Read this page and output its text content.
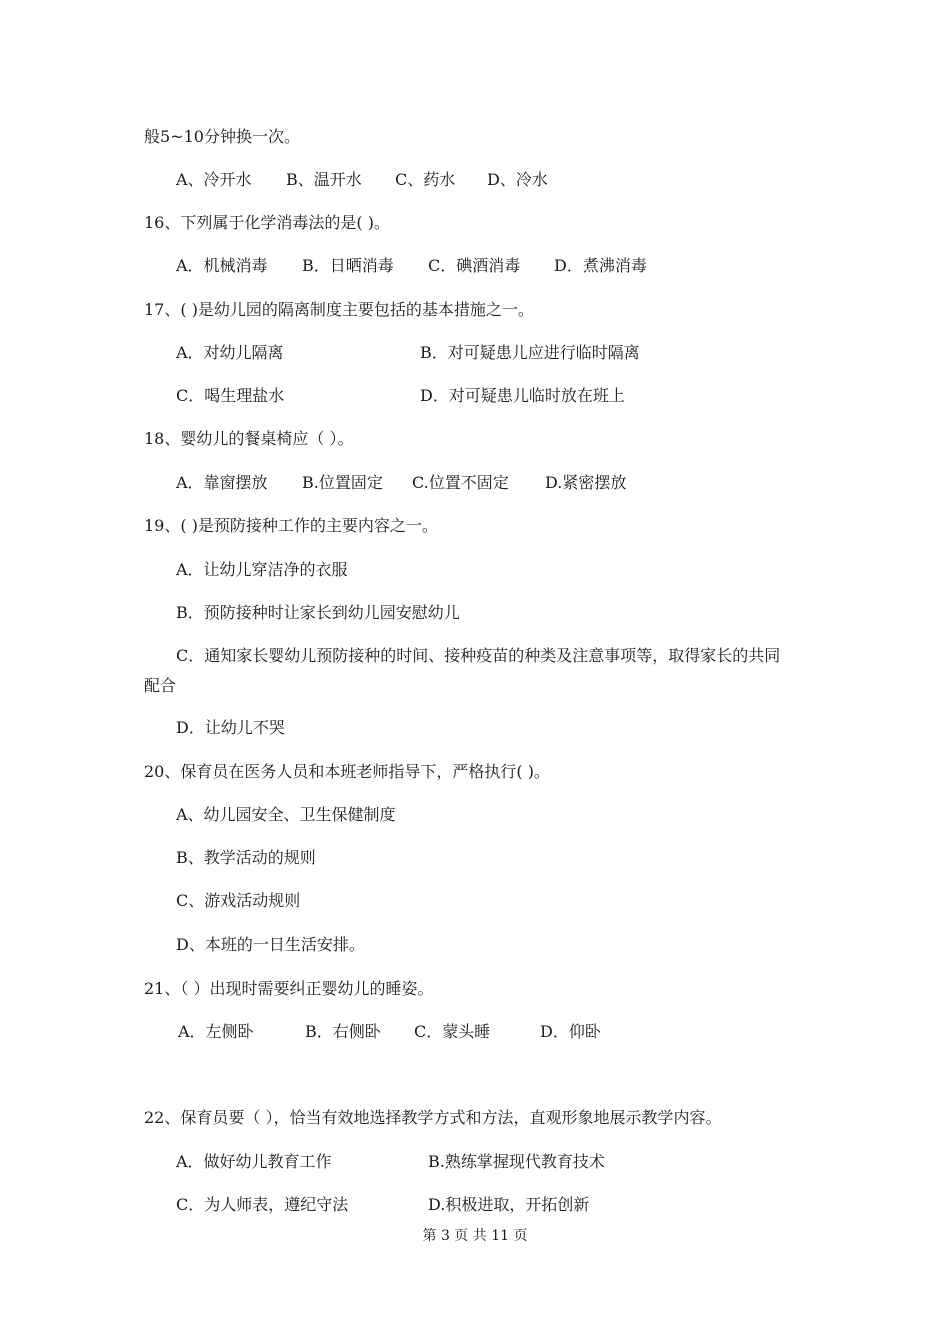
般5~10分钟换一次。
A、冷开水 B、温开水 C、药水 D、冷水
16、下列属于化学消毒法的是( )。
A．机械消毒 B．日晒消毒 C．碘酒消毒 D．煮沸消毒
17、( )是幼儿园的隔离制度主要包括的基本措施之一。
A．对幼儿隔离	B．对可疑患儿应进行临时隔离
C．喝生理盐水	D．对可疑患儿临时放在班上
18、婴幼儿的餐桌椅应（ ）。
A．靠窗摆放 B.位置固定 C.位置不固定 D.紧密摆放
19、( )是预防接种工作的主要内容之一。
A．让幼儿穿洁净的衣服
B．预防接种时让家长到幼儿园安慰幼儿
C．通知家长婴幼儿预防接种的时间、接种疫苗的种类及注意事项等，取得家长的共同
配合
D．让幼儿不哭
20、保育员在医务人员和本班老师指导下，严格执行( )。
A、幼儿园安全、卫生保健制度
B、教学活动的规则
C、游戏活动规则
D、本班的一日生活安排。
21、（ ）出现时需要纠正婴幼儿的睡姿。
A．左侧卧	B．右侧卧 C．蒙头睡	D．仰卧
22、保育员要（ ），恰当有效地选择教学方式和方法，直观形象地展示教学内容。
A．做好幼儿教育工作	B.熟练掌握现代教育技术
C．为人师表，遵纪守法	D.积极进取，开拓创新
第 3 页 共 11 页
